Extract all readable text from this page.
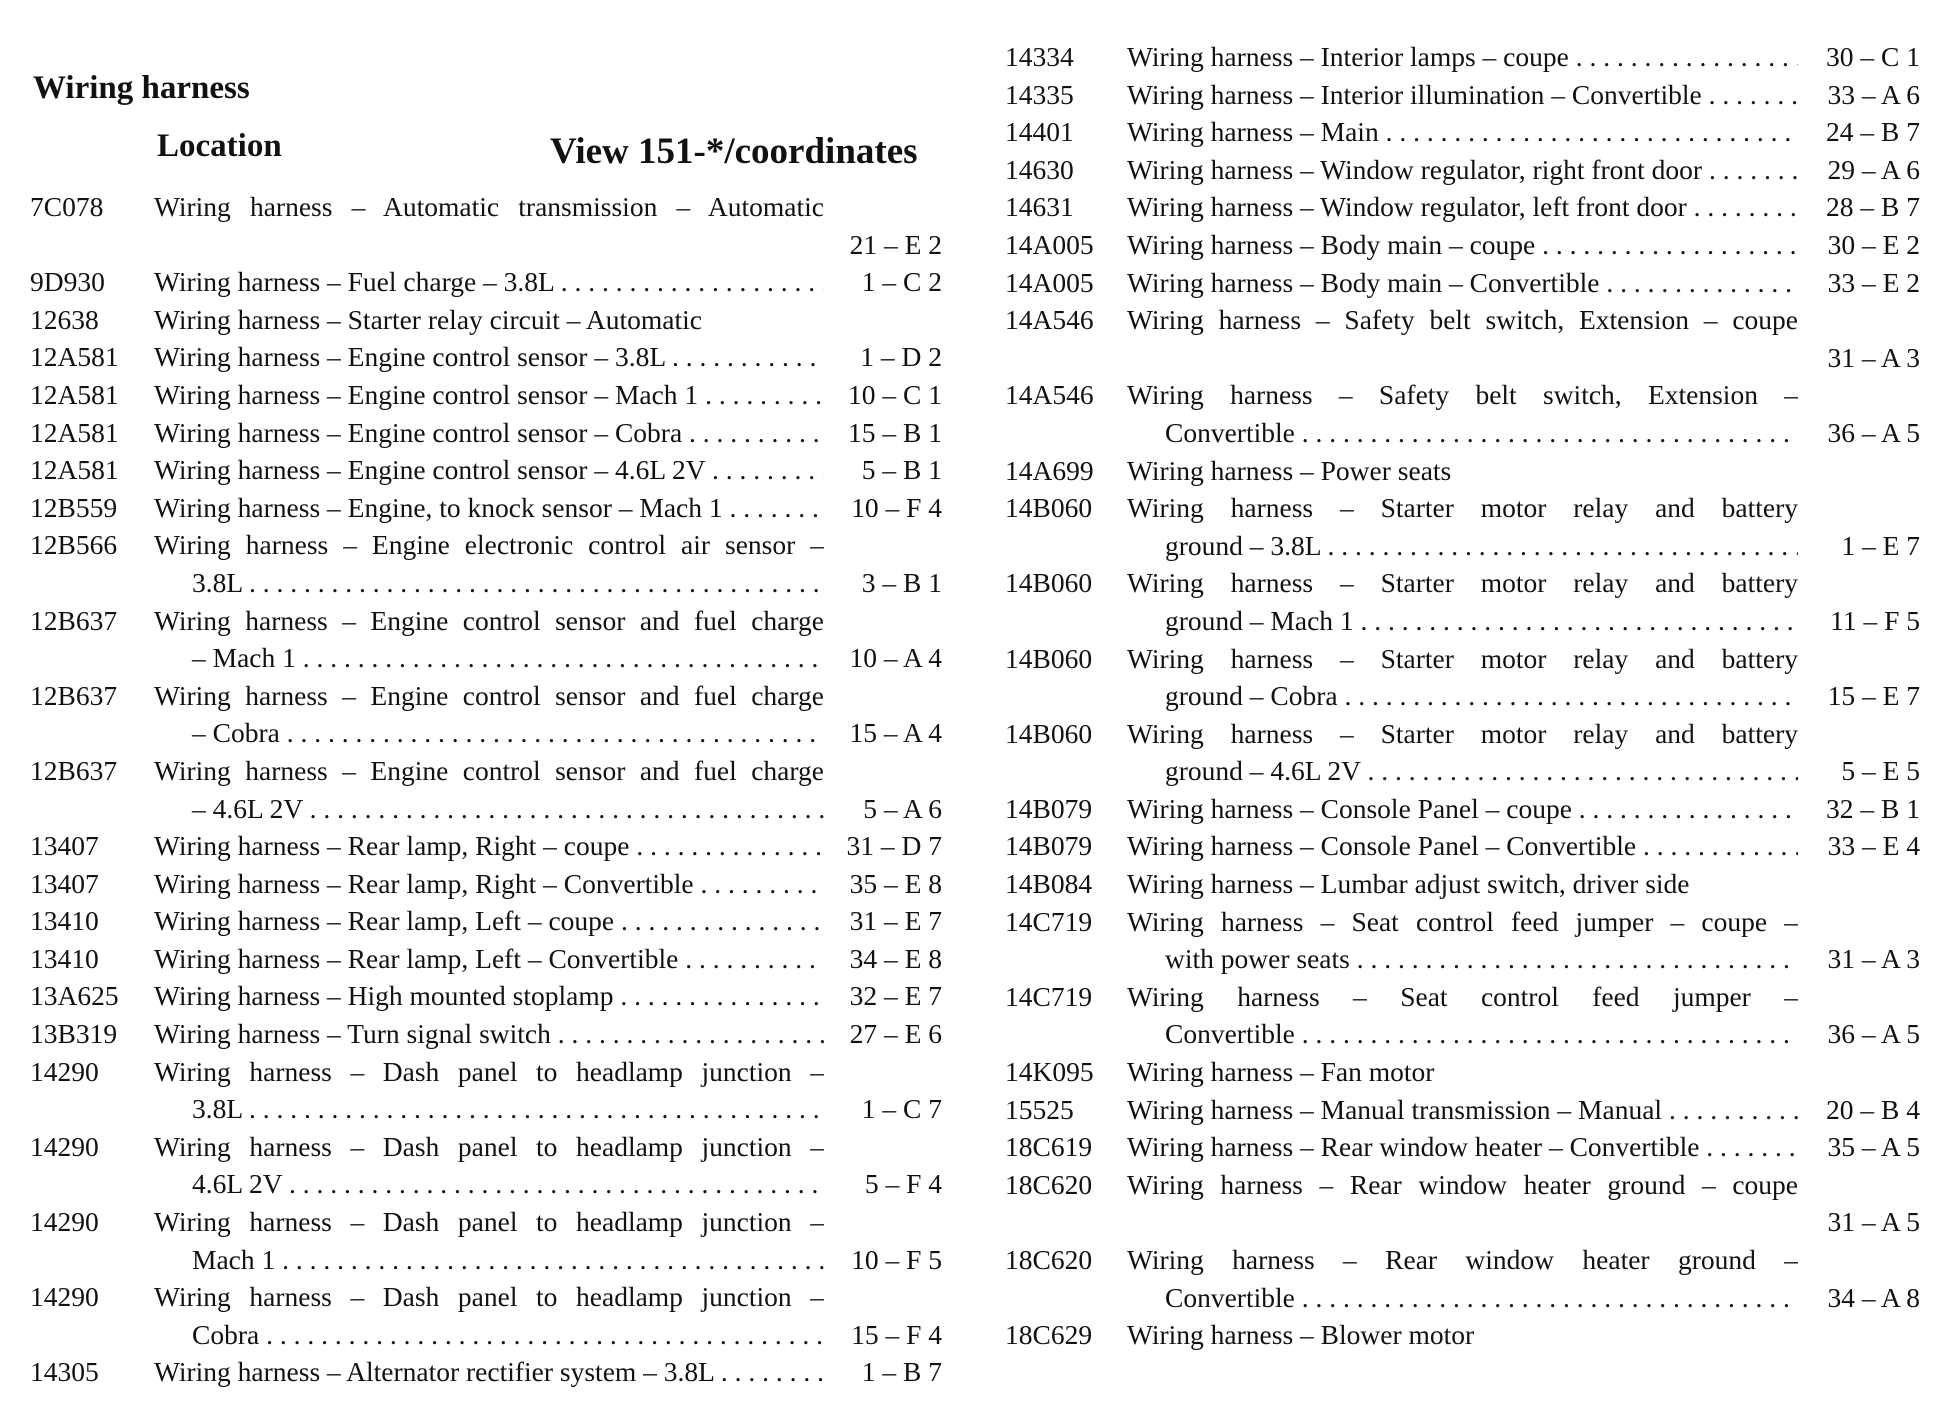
Wiring harness
Location	View 151-*/coordinates
7C078	Wiring harness – Automatic transmission – Automatic
21 – E 2
9D930	Wiring harness – Fuel charge – 3.8L . . .	1 – C 2
12638	Wiring harness – Starter relay circuit – Automatic
12A581	Wiring harness – Engine control sensor – 3.8L . . .	1 – D 2
12A581	Wiring harness – Engine control sensor – Mach 1 . . .	10 – C 1
12A581	Wiring harness – Engine control sensor – Cobra . . .	15 – B 1
12A581	Wiring harness – Engine control sensor – 4.6L 2V . . .	5 – B 1
12B559	Wiring harness – Engine, to knock sensor – Mach 1 . . .	10 – F 4
12B566	Wiring harness – Engine electronic control air sensor –
3.8L . . .	3 – B 1
12B637	Wiring harness – Engine control sensor and fuel charge
– Mach 1 . . .	10 – A 4
12B637	Wiring harness – Engine control sensor and fuel charge
– Cobra . . .	15 – A 4
12B637	Wiring harness – Engine control sensor and fuel charge
– 4.6L 2V . . .	5 – A 6
13407	Wiring harness – Rear lamp, Right – coupe . . .	31 – D 7
13407	Wiring harness – Rear lamp, Right – Convertible . . .	35 – E 8
13410	Wiring harness – Rear lamp, Left – coupe . . .	31 – E 7
13410	Wiring harness – Rear lamp, Left – Convertible . . .	34 – E 8
13A625	Wiring harness – High mounted stoplamp . . .	32 – E 7
13B319	Wiring harness – Turn signal switch . . .	27 – E 6
14290	Wiring harness – Dash panel to headlamp junction –
3.8L . . .	1 – C 7
14290	Wiring harness – Dash panel to headlamp junction –
4.6L 2V . . .	5 – F 4
14290	Wiring harness – Dash panel to headlamp junction –
Mach 1 . . .	10 – F 5
14290	Wiring harness – Dash panel to headlamp junction –
Cobra . . .	15 – F 4
14305	Wiring harness – Alternator rectifier system – 3.8L . . .	1 – B 7
14334	Wiring harness – Interior lamps – coupe . . .	30 – C 1
14335	Wiring harness – Interior illumination – Convertible . . .	33 – A 6
14401	Wiring harness – Main . . .	24 – B 7
14630	Wiring harness – Window regulator, right front door . . .	29 – A 6
14631	Wiring harness – Window regulator, left front door . . .	28 – B 7
14A005	Wiring harness – Body main – coupe . . .	30 – E 2
14A005	Wiring harness – Body main – Convertible . . .	33 – E 2
14A546	Wiring harness – Safety belt switch, Extension – coupe
31 – A 3
14A546	Wiring harness – Safety belt switch, Extension –
Convertible . . .	36 – A 5
14A699	Wiring harness – Power seats
14B060	Wiring harness – Starter motor relay and battery
ground – 3.8L . . .	1 – E 7
14B060	Wiring harness – Starter motor relay and battery
ground – Mach 1 . . .	11 – F 5
14B060	Wiring harness – Starter motor relay and battery
ground – Cobra . . .	15 – E 7
14B060	Wiring harness – Starter motor relay and battery
ground – 4.6L 2V . . .	5 – E 5
14B079	Wiring harness – Console Panel – coupe . . .	32 – B 1
14B079	Wiring harness – Console Panel – Convertible . . .	33 – E 4
14B084	Wiring harness – Lumbar adjust switch, driver side
14C719	Wiring harness – Seat control feed jumper – coupe –
with power seats . . .	31 – A 3
14C719	Wiring harness – Seat control feed jumper –
Convertible . . .	36 – A 5
14K095	Wiring harness – Fan motor
15525	Wiring harness – Manual transmission – Manual . . .	20 – B 4
18C619	Wiring harness – Rear window heater – Convertible . . .	35 – A 5
18C620	Wiring harness – Rear window heater ground – coupe
31 – A 5
18C620	Wiring harness – Rear window heater ground –
Convertible . . .	34 – A 8
18C629	Wiring harness – Blower motor
